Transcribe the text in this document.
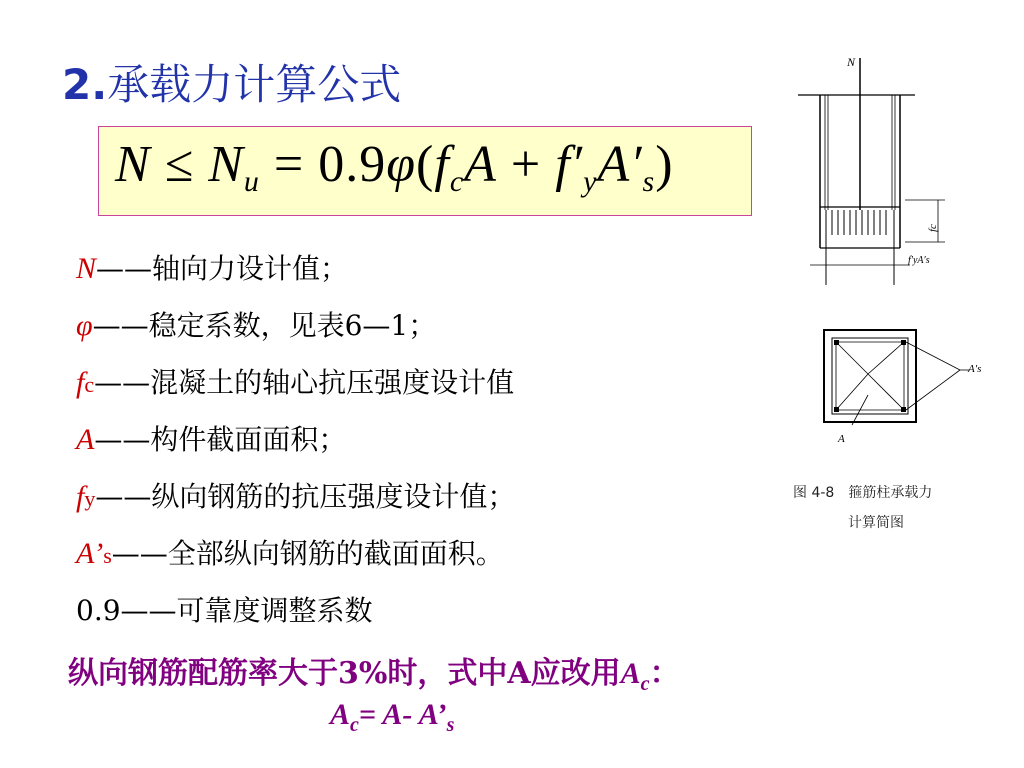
2.承载力计算公式
$N \le N_u = 0.9\varphi(f_cA + f'_yA'_s)$
N——轴向力设计值；
φ——稳定系数，见表6—1；
fc——混凝土的轴心抗压强度设计值
A——构件截面面积；
fy——纵向钢筋的抗压强度设计值；
A’s——全部纵向钢筋的截面面积。
0.9——可靠度调整系数
纵向钢筋配筋率大于3%时，式中A应改用$A_c$：
$A_c= A-$ $A’_s$
N
fc
f′yA′s
A′s
A
图 4-8　箍筋柱承载力
计算简图
